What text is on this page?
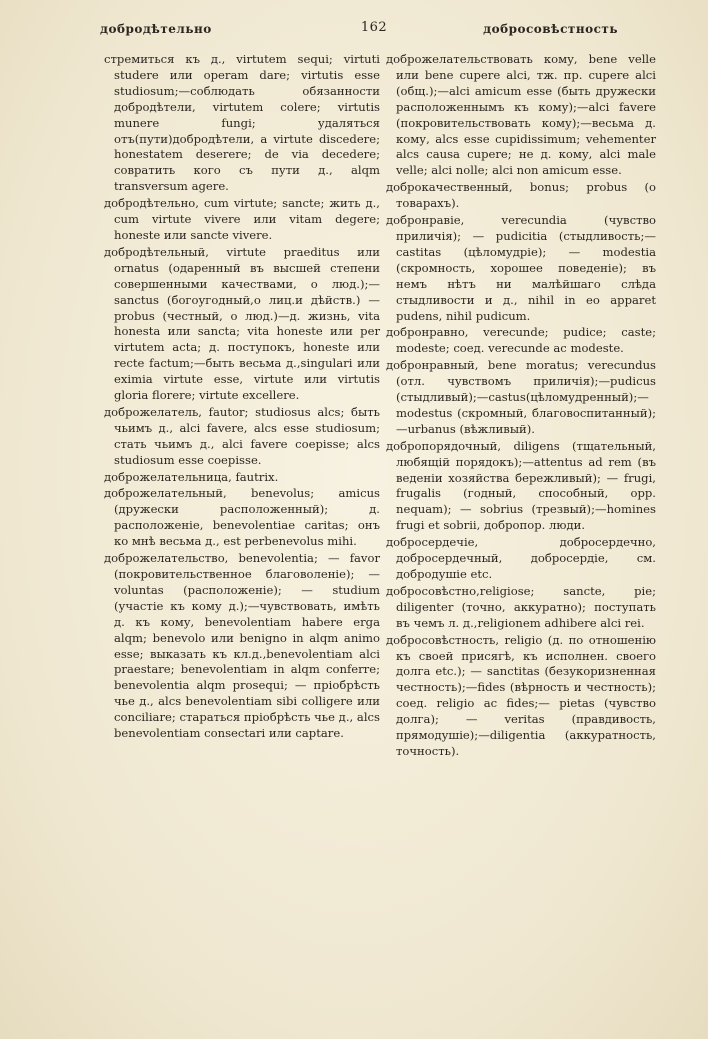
добродѣтельно	162	добросовѣстность

стремиться къ д., virtutem sequi; virtuti studere или operam dare; virtutis esse studiosum;—соблюдать обязанности добродѣтели, virtutem colere; virtutis munere fungi; удаляться отъ(пути)добродѣтели, a virtute discedere; honestatem deserere; de via decedere; совратить кого съ пути д., alqm transversum agere.

добродѣтельно, cum virtute; sancte; жить д., cum virtute vivere или vitam degere; honeste или sancte vivere.

добродѣтельный, virtute praeditus или ornatus (одаренный въ высшей степени совершенными качествами, о люд.);—sanctus (богоугодный,о лиц.и дѣйств.) —probus (честный, о люд.)—д. жизнь, vita honesta или sancta; vita honeste или per virtutem acta; д. поступокъ, honeste или recte factum;—быть весьма д.,singulari или eximia virtute esse, virtute или virtutis gloria florere; virtute excellere.

доброжелатель, fautor; studiosus alcs; быть чьимъ д., alci favere, alcs esse studiosum; стать чьимъ д., alci favere coepisse; alcs studiosum esse coepisse.

доброжелательница, fautrix.

доброжелательный, benevolus; amicus (дружески расположенный); д. расположеніе, benevolentiae caritas; онъ ко мнѣ весьма д., est perbenevolus mihi.

доброжелательство, benevolentia; — favor (покровительственное благоволеніе); — voluntas (расположеніе); — studium (участіе къ кому д.);—чувствовать, имѣть д. къ кому, benevolentiam habere erga alqm; benevolo или benigno in alqm animo esse; выказать къ кл.д.,benevolentiam alci praestare; benevolentiam in alqm conferre; benevolentia alqm prosequi; — пріобрѣсть чье д., alcs benevolentiam sibi colligere или conciliare; стараться пріобрѣсть чье д., alcs benevolentiam consectari или captare.

доброжелательствовать кому, bene velle или bene cupere alci, тж. пр. cupere alci (общ.);—alci amicum esse (быть дружески расположеннымъ къ кому);—alci favere (покровительствовать кому);—весьма д. кому, alcs esse cupidissimum; vehementer alcs causa cupere; не д. кому, alci male velle; alci nolle; alci non amicum esse.

доброкачественный, bonus; probus (о товарахъ).

добронравіе, verecundia (чувство приличія); — pudicitia (стыдливость;—castitas (цѣломудріе); — modestia (скромность, хорошее поведеніе); въ немъ нѣтъ ни малѣйшаго слѣда стыдливости и д., nihil in eo apparet pudens, nihil pudicum.

добронравно, verecunde; pudice; caste; modeste; соед. verecunde ac modeste.

добронравный, bene moratus; verecundus (отл. чувствомъ приличія);—pudicus (стыдливый);—castus(цѣломудренный);—modestus (скромный, благовоспитанный); —urbanus (вѣжливый).

добропорядочный, diligens (тщательный, любящій порядокъ);—attentus ad rem (въ веденіи хозяйства бережливый); — frugi, frugalis (годный, способный, opp. nequam); — sobrius (трезвый);—homines frugi et sobrii, добропор. люди.

добросердечіе, добросердечно, добросердечный, добросердіе, см. добродушіе etc.

добросовѣстно,religiose; sancte, pie; diligenter (точно, аккуратно); поступать въ чемъ л. д.,religionem adhibere alci rei.

добросовѣстность, religio (д. по отношенію къ своей присягѣ, къ исполнен. своего долга etc.); — sanctitas (безукоризненная честность);—fides (вѣрность и честность); соед. religio ac fides;— pietas (чувство долга); — veritas (правдивость, прямодушіе);—diligentia (аккуратность, точность).
